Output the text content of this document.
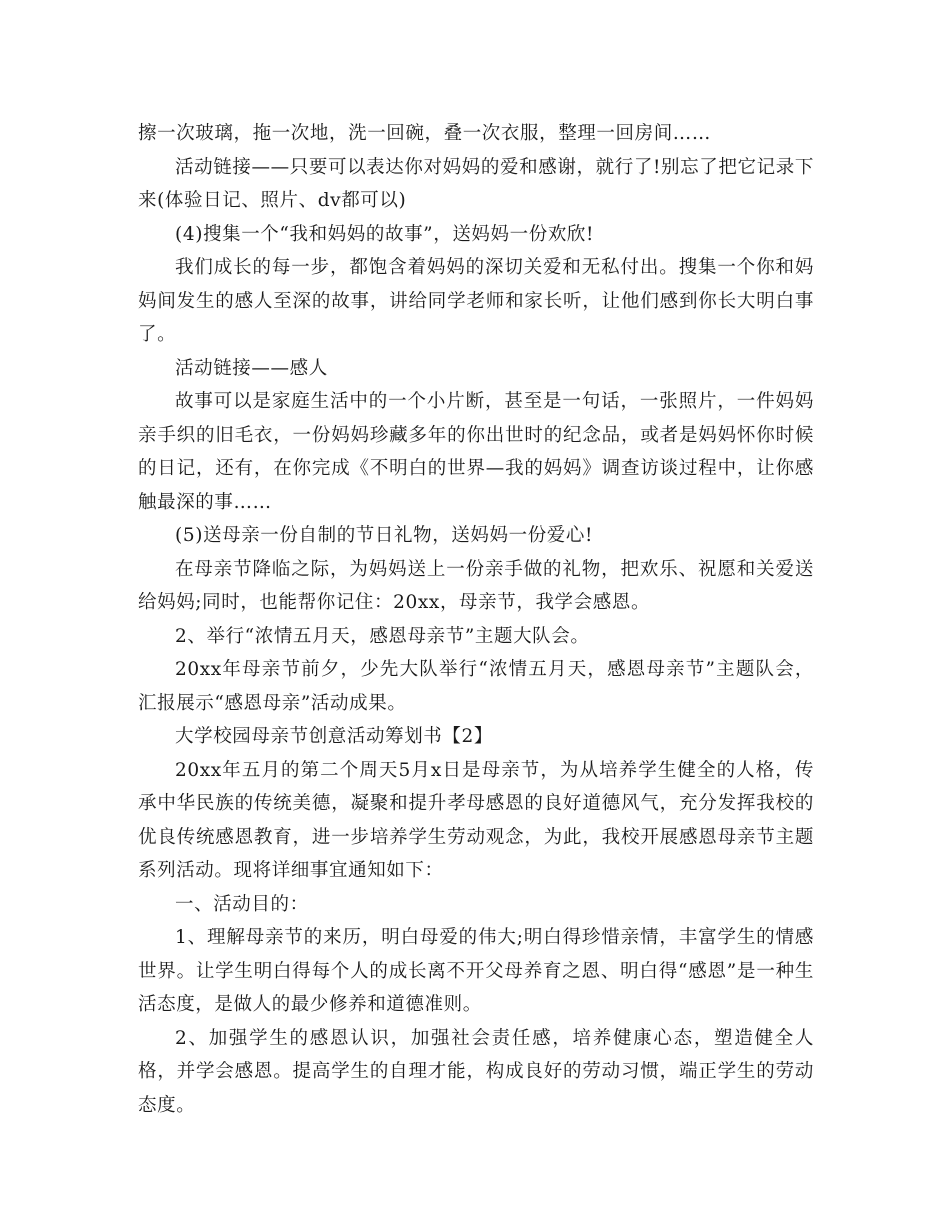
擦一次玻璃，拖一次地，洗一回碗，叠一次衣服，整理一回房间……

活动链接——只要可以表达你对妈妈的爱和感谢，就行了!别忘了把它记录下来(体验日记、照片、dv都可以)

(4)搜集一个“我和妈妈的故事”，送妈妈一份欢欣!

我们成长的每一步，都饱含着妈妈的深切关爱和无私付出。搜集一个你和妈妈间发生的感人至深的故事，讲给同学老师和家长听，让他们感到你长大明白事了。

活动链接——感人

故事可以是家庭生活中的一个小片断，甚至是一句话，一张照片，一件妈妈亲手织的旧毛衣，一份妈妈珍藏多年的你出世时的纪念品，或者是妈妈怀你时候的日记，还有，在你完成《不明白的世界—我的妈妈》调查访谈过程中，让你感触最深的事……

(5)送母亲一份自制的节日礼物，送妈妈一份爱心!

在母亲节降临之际，为妈妈送上一份亲手做的礼物，把欢乐、祝愿和关爱送给妈妈;同时，也能帮你记住：20xx，母亲节，我学会感恩。

2、举行“浓情五月天，感恩母亲节”主题大队会。

20xx年母亲节前夕，少先大队举行“浓情五月天，感恩母亲节”主题队会，汇报展示“感恩母亲”活动成果。

大学校园母亲节创意活动筹划书【2】

20xx年五月的第二个周天5月x日是母亲节，为从培养学生健全的人格，传承中华民族的传统美德，凝聚和提升孝母感恩的良好道德风气，充分发挥我校的优良传统感恩教育，进一步培养学生劳动观念，为此，我校开展感恩母亲节主题系列活动。现将详细事宜通知如下：

一、活动目的：

1、理解母亲节的来历，明白母爱的伟大;明白得珍惜亲情，丰富学生的情感世界。让学生明白得每个人的成长离不开父母养育之恩、明白得“感恩”是一种生活态度，是做人的最少修养和道德准则。

2、加强学生的感恩认识，加强社会责任感，培养健康心态，塑造健全人格，并学会感恩。提高学生的自理才能，构成良好的劳动习惯，端正学生的劳动态度。
